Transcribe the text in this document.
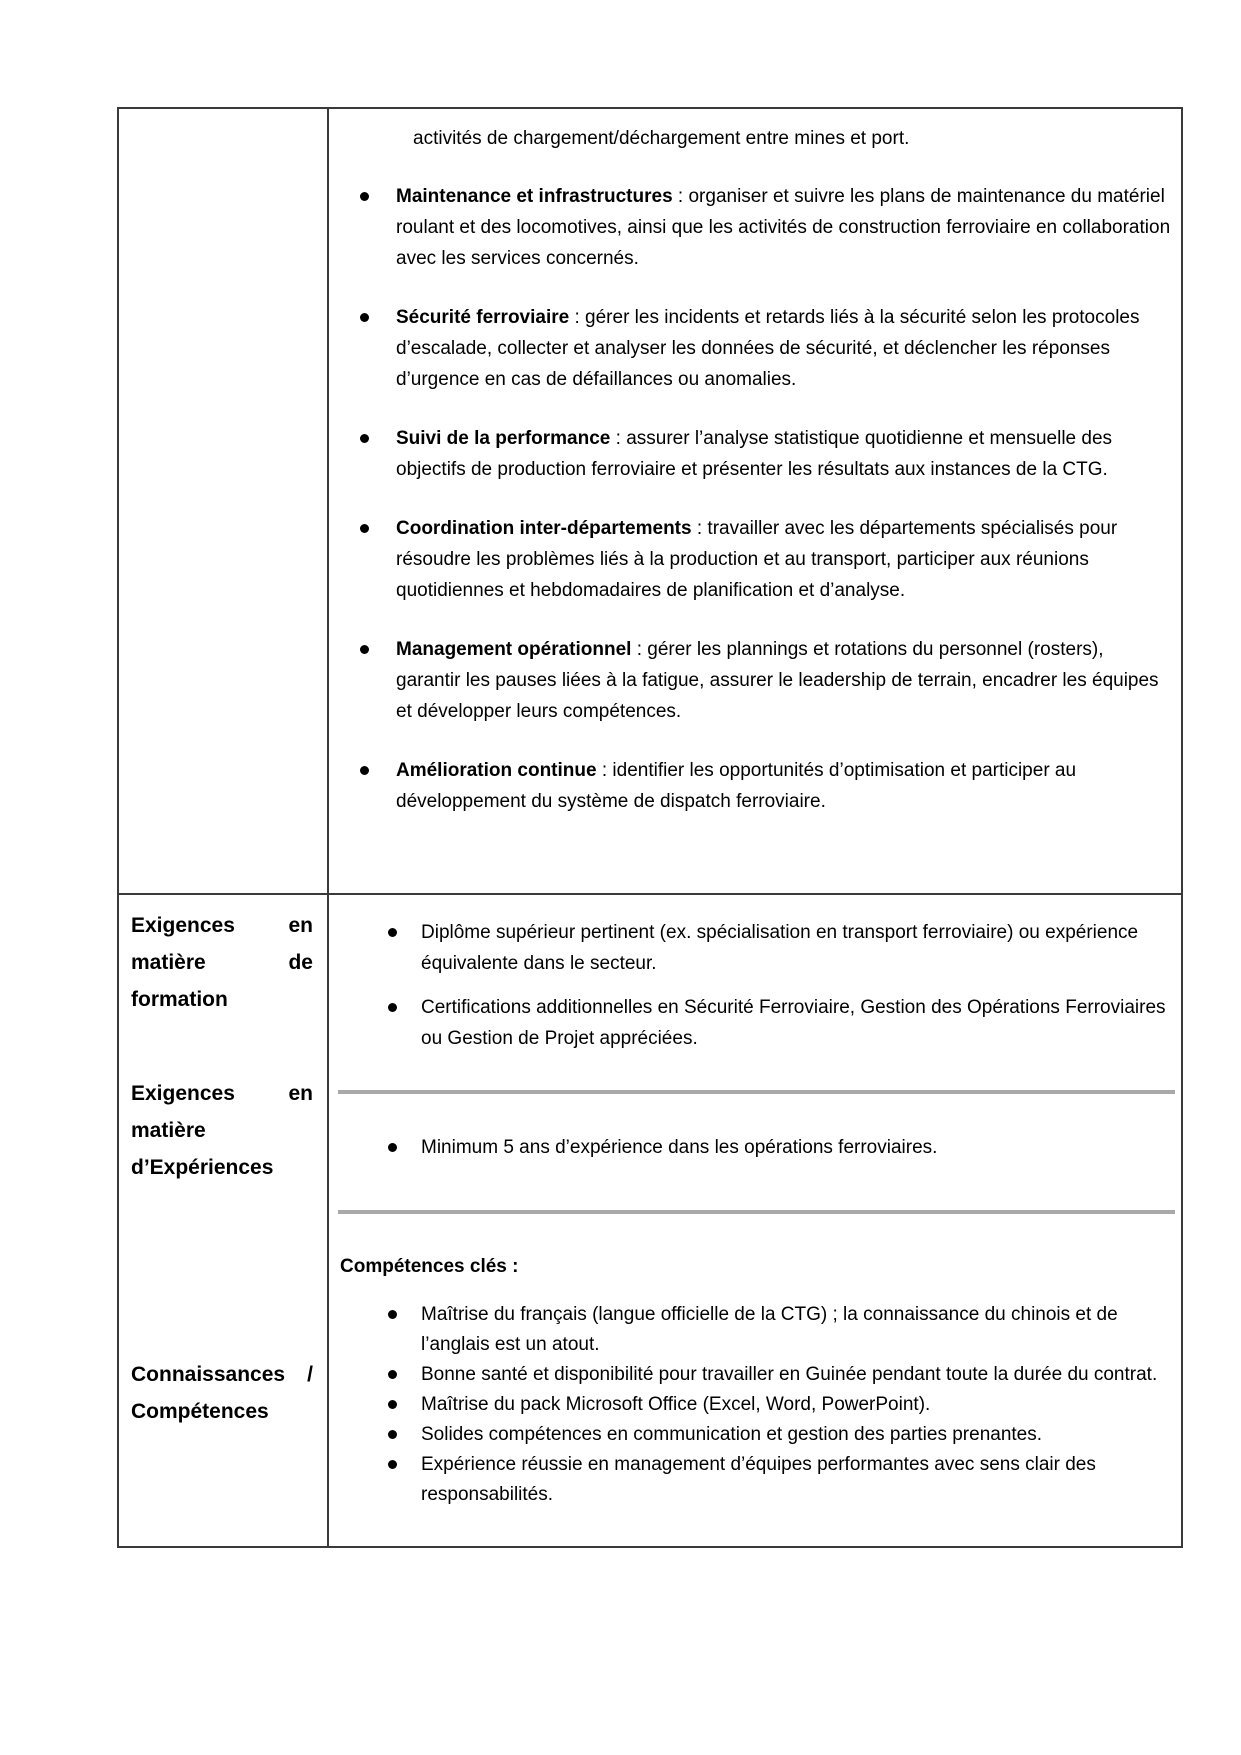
activités de chargement/déchargement entre mines et port.
Maintenance et infrastructures : organiser et suivre les plans de maintenance du matériel roulant et des locomotives, ainsi que les activités de construction ferroviaire en collaboration avec les services concernés.
Sécurité ferroviaire : gérer les incidents et retards liés à la sécurité selon les protocoles d’escalade, collecter et analyser les données de sécurité, et déclencher les réponses d’urgence en cas de défaillances ou anomalies.
Suivi de la performance : assurer l’analyse statistique quotidienne et mensuelle des objectifs de production ferroviaire et présenter les résultats aux instances de la CTG.
Coordination inter-départements : travailler avec les départements spécialisés pour résoudre les problèmes liés à la production et au transport, participer aux réunions quotidiennes et hebdomadaires de planification et d’analyse.
Management opérationnel : gérer les plannings et rotations du personnel (rosters), garantir les pauses liées à la fatigue, assurer le leadership de terrain, encadrer les équipes et développer leurs compétences.
Amélioration continue : identifier les opportunités d’optimisation et participer au développement du système de dispatch ferroviaire.
Exigences en matière de formation
Exigences en matière d’Expériences
Connaissances / Compétences
Diplôme supérieur pertinent (ex. spécialisation en transport ferroviaire) ou expérience équivalente dans le secteur.
Certifications additionnelles en Sécurité Ferroviaire, Gestion des Opérations Ferroviaires ou Gestion de Projet appréciées.
Minimum 5 ans d’expérience dans les opérations ferroviaires.
Compétences clés :
Maîtrise du français (langue officielle de la CTG) ; la connaissance du chinois et de l’anglais est un atout.
Bonne santé et disponibilité pour travailler en Guinée pendant toute la durée du contrat.
Maîtrise du pack Microsoft Office (Excel, Word, PowerPoint).
Solides compétences en communication et gestion des parties prenantes.
Expérience réussie en management d’équipes performantes avec sens clair des responsabilités.
